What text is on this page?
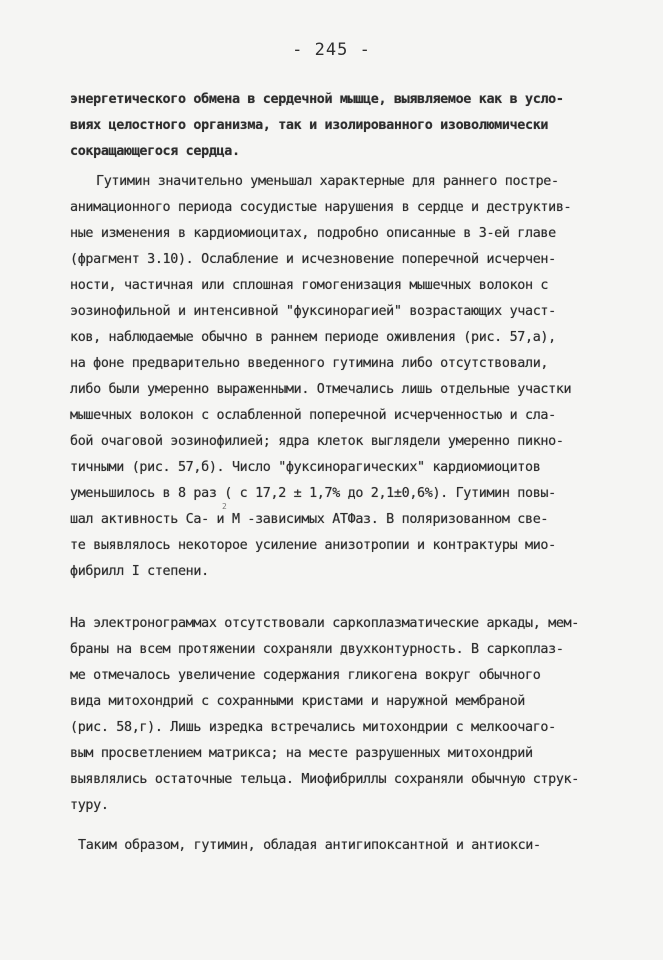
- 245 -
энергетического обмена в сердечной мышце, выявляемое как в усло-
виях целостного организма, так и изолированного изоволюмически
сокращающегося сердца.
Гутимин значительно уменьшал характерные для раннего постре-
анимационного периода сосудистые нарушения в сердце и деструктив-
ные изменения в кардиомиоцитах, подробно описанные в 3-ей главе
(фрагмент 3.10). Ослабление и исчезновение поперечной исчерчен-
ности, частичная или сплошная гомогенизация мышечных волокон с
эозинофильной и интенсивной "фуксинорагией" возрастающих участ-
ков, наблюдаемые обычно в раннем периоде оживления (рис. 57,а),
на фоне предварительно введенного гутимина либо отсутствовали,
либо были умеренно выраженными. Отмечались лишь отдельные участки
мышечных волокон с ослабленной поперечной исчерченностью и сла-
бой очаговой эозинофилией; ядра клеток выглядели умеренно пикно-
тичными (рис. 57,б). Число "фуксинорагических" кардиомиоцитов
уменьшилось в 8 раз ( с 17,2 ± 1,7% до 2,1±0,6%). Гутимин повы-
шал активность Са- и М -зависимых АТФаз. В поляризованном све-
2
те выявлялось некоторое усиление анизотропии и контрактуры мио-
фибрилл I степени.
На электронограммах отсутствовали саркоплазматические аркады, мем-
браны на всем протяжении сохраняли двухконтурность. В саркоплаз-
ме отмечалось увеличение содержания гликогена вокруг обычного
вида митохондрий с сохранными кристами и наружной мембраной
(рис. 58,г). Лишь изредка встречались митохондрии с мелкоочаго-
вым просветлением матрикса; на месте разрушенных митохондрий
выявлялись остаточные тельца. Миофибриллы сохраняли обычную струк-
туру.
Таким образом, гутимин, обладая антигипоксантной и антиокси-
